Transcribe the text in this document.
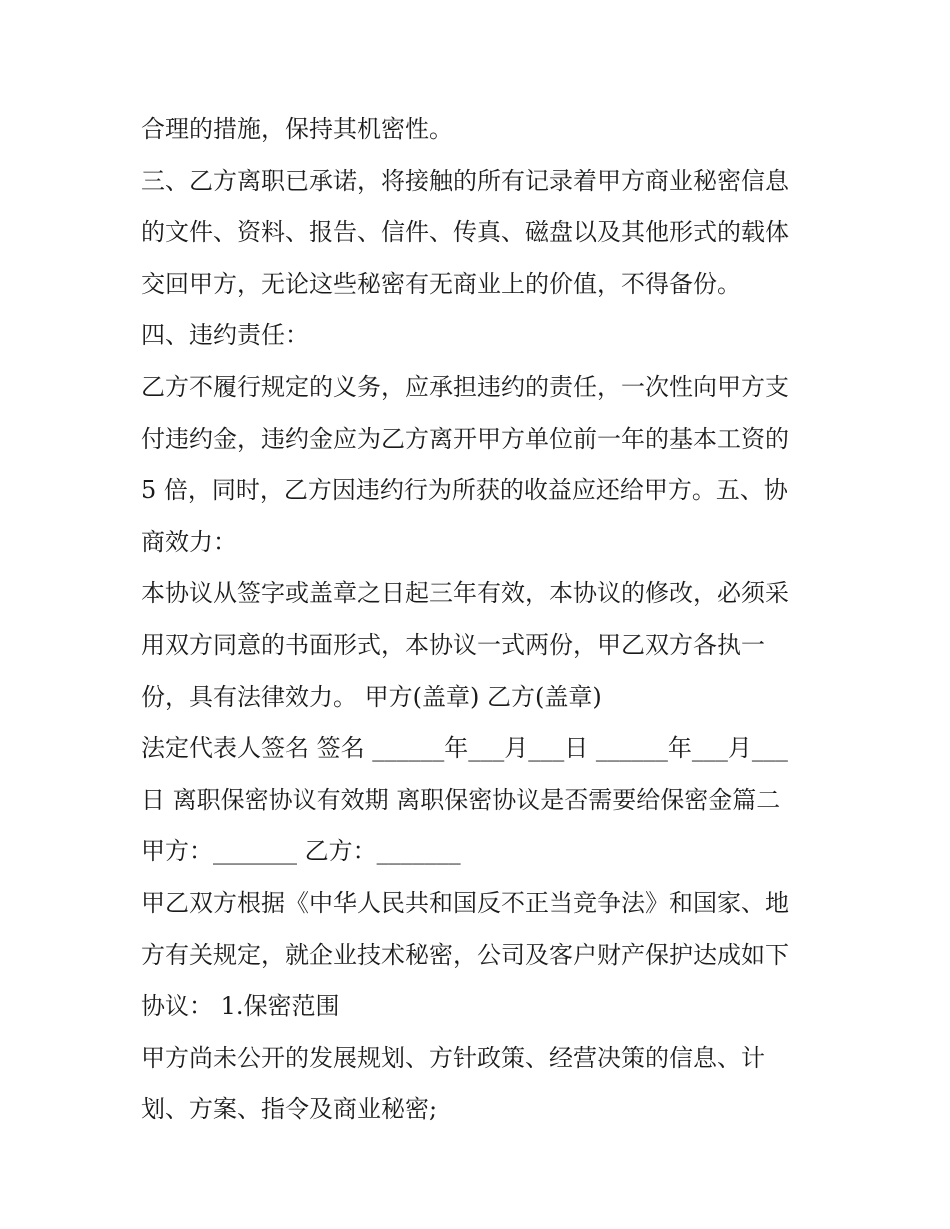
合理的措施，保持其机密性。
三、乙方离职已承诺，将接触的所有记录着甲方商业秘密信息
的文件、资料、报告、信件、传真、磁盘以及其他形式的载体
交回甲方，无论这些秘密有无商业上的价值，不得备份。
四、违约责任：
乙方不履行规定的义务，应承担违约的责任，一次性向甲方支
付违约金，违约金应为乙方离开甲方单位前一年的基本工资的
5 倍，同时，乙方因违约行为所获的收益应还给甲方。五、协
商效力：
本协议从签字或盖章之日起三年有效，本协议的修改，必须采
用双方同意的书面形式，本协议一式两份，甲乙双方各执一
份，具有法律效力。 甲方(盖章) 乙方(盖章)
法定代表人签名 签名 ______年___月___日 ______年___月___
日 离职保密协议有效期 离职保密协议是否需要给保密金篇二
甲方：_______ 乙方：_______
甲乙双方根据《中华人民共和国反不正当竞争法》和国家、地
方有关规定，就企业技术秘密，公司及客户财产保护达成如下
协议： 1.保密范围
甲方尚未公开的发展规划、方针政策、经营决策的信息、计
划、方案、指令及商业秘密;
